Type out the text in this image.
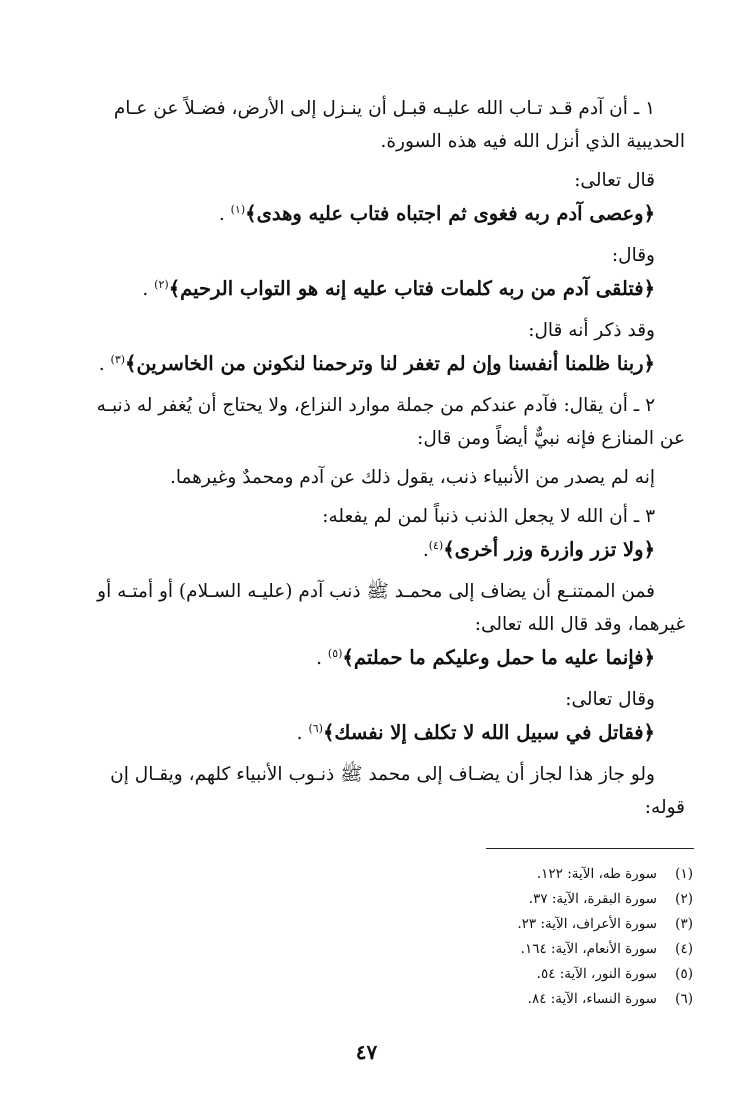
١ ـ أن آدم قـد تـاب الله عليـه قبـل أن ينـزل إلى الأرض، فضـلاً عن عـام

الحديبية الذي أنزل الله فيه هذه السورة.

قال تعالى:

﴿وعصى آدم ربه فغوى ثم اجتباه فتاب عليه وهدى﴾$^{(١)}$ .

وقال:

﴿فتلقى آدم من ربه كلمات فتاب عليه إنه هو التواب الرحيم﴾$^{(٢)}$ .

وقد ذكر أنه قال:

﴿ربنا ظلمنا أنفسنا وإن لم تغفر لنا وترحمنا لنكونن من الخاسرين﴾$^{(٣)}$ .

٢ ـ أن يقال: فآدم عندكم من جملة موارد النزاع، ولا يحتاج أن يُغفر له ذنبـه

عن المنازع فإنه نبيٌّ أيضاً ومن قال:

إنه لم يصدر من الأنبياء ذنب، يقول ذلك عن آدم ومحمدٌ وغيرهما.

٣ ـ أن الله لا يجعل الذنب ذنباً لمن لم يفعله:

﴿ولا تزر وازرة وزر أخرى﴾$^{(٤)}$.

فمن الممتنـع أن يضاف إلى محمـد ﷺ ذنب آدم (عليـه السـلام) أو أمتـه أو

غيرهما، وقد قال الله تعالى:

﴿فإنما عليه ما حمل وعليكم ما حملتم﴾$^{(٥)}$ .

وقال تعالى:

﴿فقاتل في سبيل الله لا تكلف إلا نفسك﴾$^{(٦)}$ .

ولو جاز هذا لجاز أن يضـاف إلى محمد ﷺ ذنـوب الأنبياء كلهم، ويقـال إن

قوله:

(١)سورة طه، الآية: ١٢٢.
(٢)سورة البقرة، الآية: ٣٧.
(٣)سورة الأعراف، الآية: ٢٣.
(٤)سورة الأنعام، الآية: ١٦٤.
(٥)سورة النور، الآية: ٥٤.
(٦)سورة النساء، الآية: ٨٤.
٤٧
